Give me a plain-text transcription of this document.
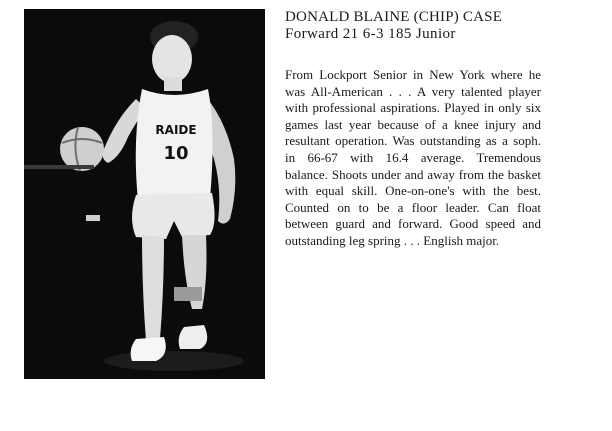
RAIDE
10
DONALD BLAINE (CHIP) CASE
Forward 21 6-3 185 Junior
From Lockport Senior in New York where he was All-American . . . A very talented player with professional aspirations. Played in only six games last year because of a knee injury and resultant operation. Was outstanding as a soph. in 66-67 with 16.4 average. Tremendous balance. Shoots under and away from the basket with equal skill. One-on-one's with the best. Counted on to be a floor leader. Can float between guard and forward. Good speed and outstanding leg spring . . . English major.
